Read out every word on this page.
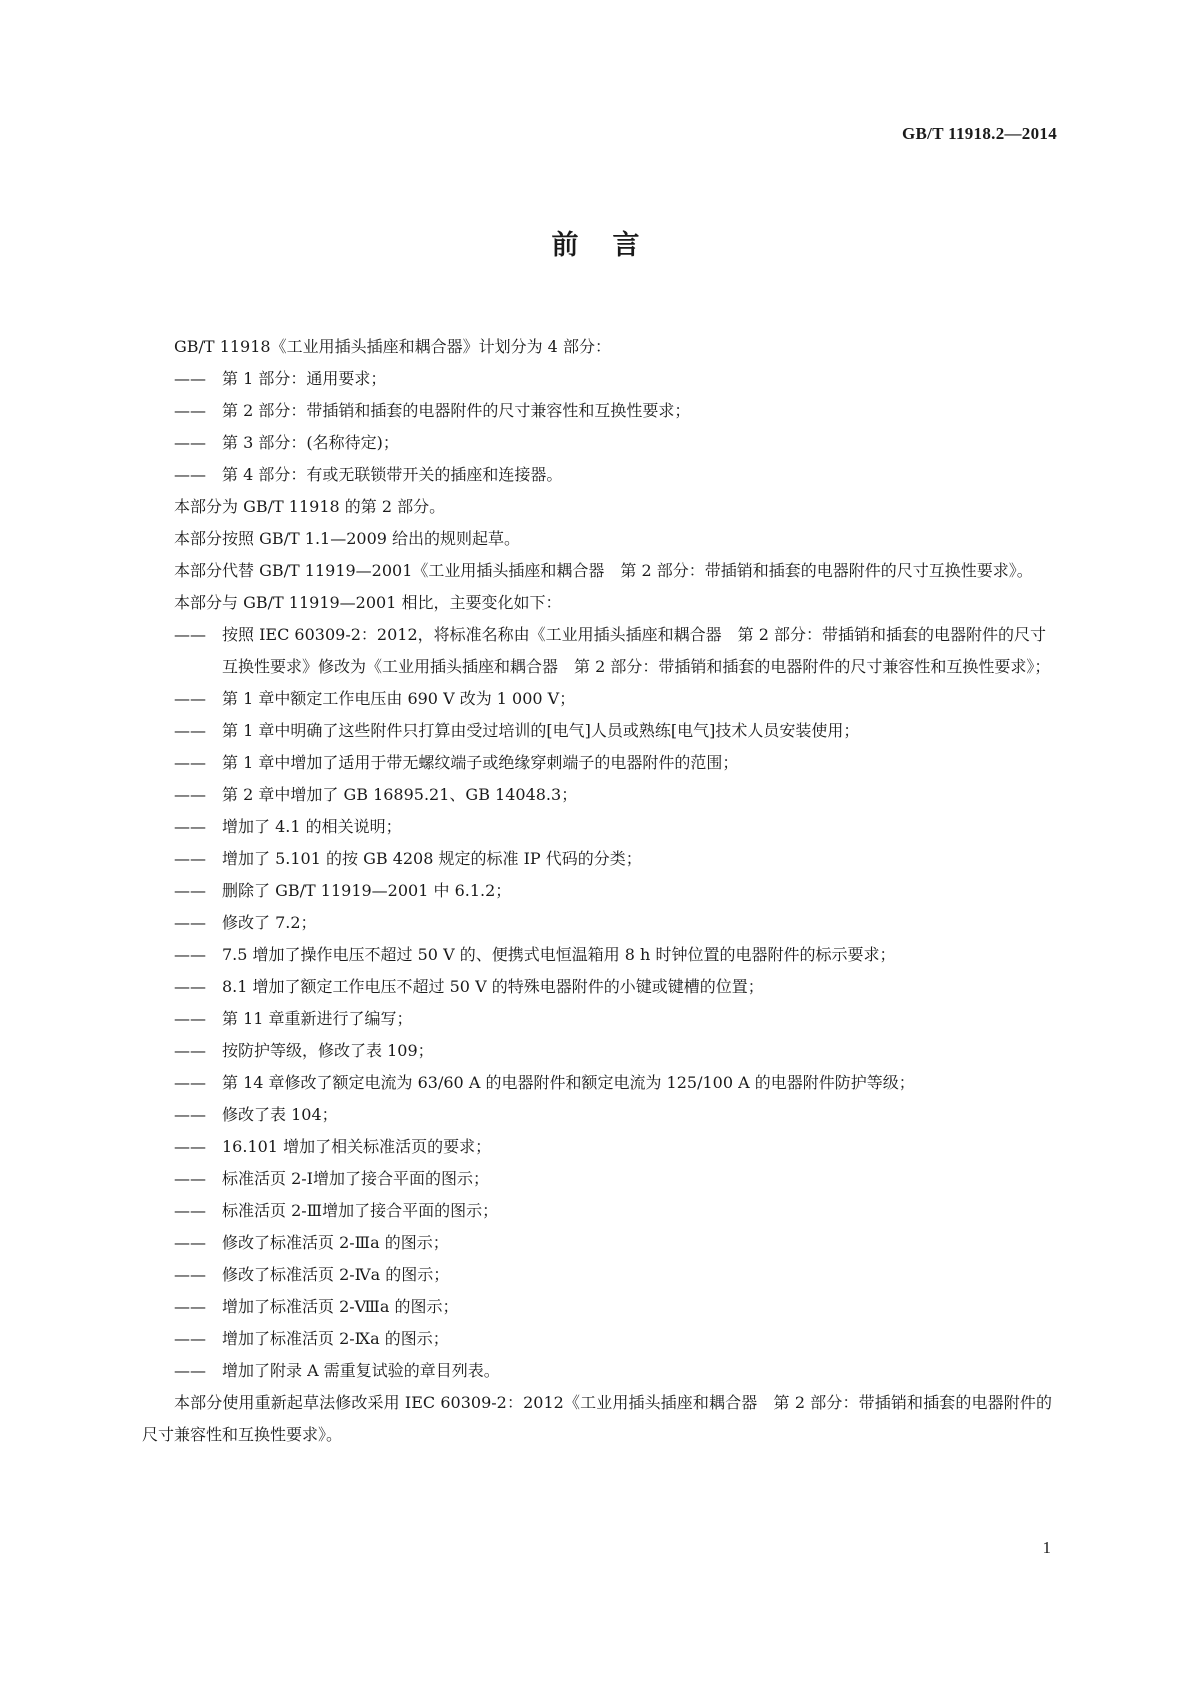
GB/T 11918.2—2014
前言

GB/T 11918《工业用插头插座和耦合器》计划分为 4 部分：

——	第 1 部分：通用要求；
——	第 2 部分：带插销和插套的电器附件的尺寸兼容性和互换性要求；
——	第 3 部分：(名称待定)；
——	第 4 部分：有或无联锁带开关的插座和连接器。

本部分为 GB/T 11918 的第 2 部分。

本部分按照 GB/T 1.1—2009 给出的规则起草。

本部分代替 GB/T 11919—2001《工业用插头插座和耦合器　第 2 部分：带插销和插套的电器附件的尺寸互换性要求》。

本部分与 GB/T 11919—2001 相比，主要变化如下：

——	按照 IEC 60309-2：2012，将标准名称由《工业用插头插座和耦合器　第 2 部分：带插销和插套的电器附件的尺寸互换性要求》修改为《工业用插头插座和耦合器　第 2 部分：带插销和插套的电器附件的尺寸兼容性和互换性要求》；
——	第 1 章中额定工作电压由 690 V 改为 1 000 V；
——	第 1 章中明确了这些附件只打算由受过培训的[电气]人员或熟练[电气]技术人员安装使用；
——	第 1 章中增加了适用于带无螺纹端子或绝缘穿刺端子的电器附件的范围；
——	第 2 章中增加了 GB 16895.21、GB 14048.3；
——	增加了 4.1 的相关说明；
——	增加了 5.101 的按 GB 4208 规定的标准 IP 代码的分类；
——	删除了 GB/T 11919—2001 中 6.1.2；
——	修改了 7.2；
——	7.5 增加了操作电压不超过 50 V 的、便携式电恒温箱用 8 h 时钟位置的电器附件的标示要求；
——	8.1 增加了额定工作电压不超过 50 V 的特殊电器附件的小键或键槽的位置；
——	第 11 章重新进行了编写；
——	按防护等级，修改了表 109；
——	第 14 章修改了额定电流为 63/60 A 的电器附件和额定电流为 125/100 A 的电器附件防护等级；
——	修改了表 104；
——	16.101 增加了相关标准活页的要求；
——	标准活页 2-Ⅰ增加了接合平面的图示；
——	标准活页 2-Ⅲ增加了接合平面的图示；
——	修改了标准活页 2-Ⅲa 的图示；
——	修改了标准活页 2-Ⅳa 的图示；
——	增加了标准活页 2-Ⅷa 的图示；
——	增加了标准活页 2-Ⅸa 的图示；
——	增加了附录 A 需重复试验的章目列表。

本部分使用重新起草法修改采用 IEC 60309-2：2012《工业用插头插座和耦合器　第 2 部分：带插销和插套的电器附件的尺寸兼容性和互换性要求》。

1
